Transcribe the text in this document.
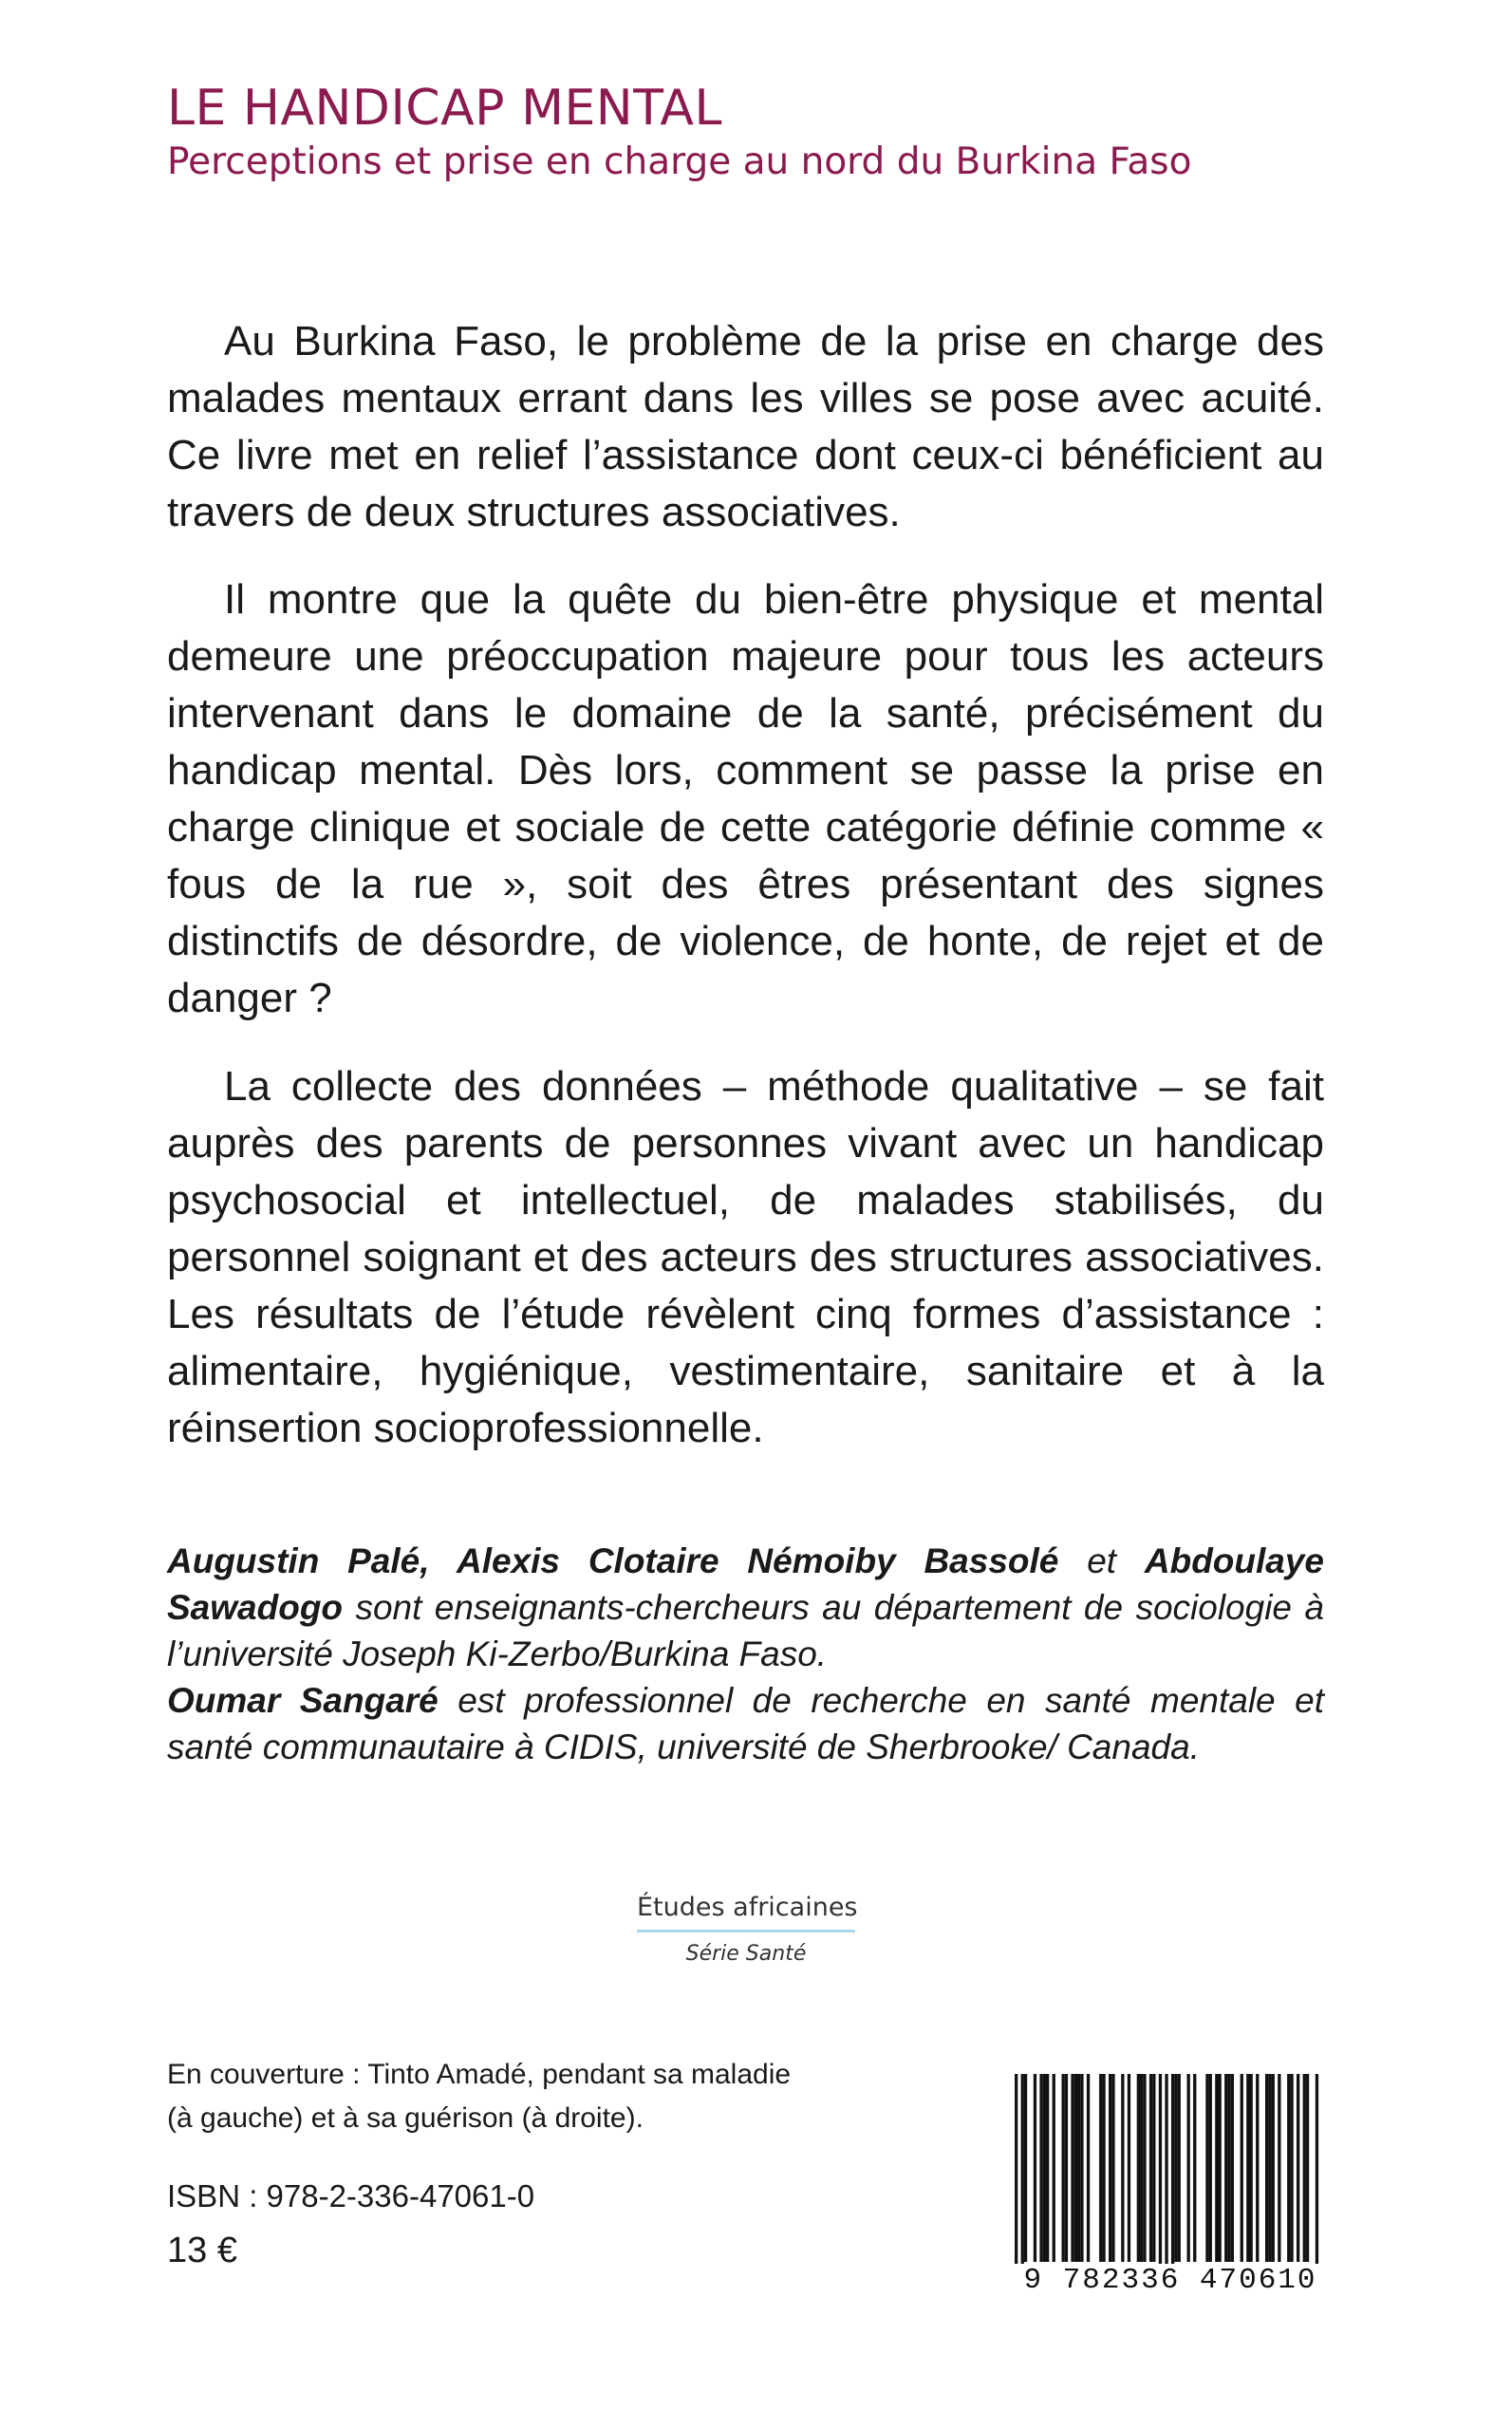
LE HANDICAP MENTAL
Perceptions et prise en charge au nord du Burkina Faso

Au Burkina Faso, le problème de la prise en charge des malades mentaux errant dans les villes se pose avec acuité. Ce livre met en relief l’assistance dont ceux-ci bénéficient au travers de deux structures associatives.

Il montre que la quête du bien-être physique et mental demeure une préoccupation majeure pour tous les acteurs intervenant dans le domaine de la santé, précisément du handicap mental. Dès lors, comment se passe la prise en charge clinique et sociale de cette catégorie définie comme « fous de la rue », soit des êtres présentant des signes distinctifs de désordre, de violence, de honte, de rejet et de danger ?

La collecte des données – méthode qualitative – se fait auprès des parents de personnes vivant avec un handicap psychosocial et intellectuel, de malades stabilisés, du personnel soignant et des acteurs des structures associatives. Les résultats de l’étude révèlent cinq formes d’assistance : alimentaire, hygiénique, vestimentaire, sanitaire et à la réinsertion socioprofessionnelle.

Augustin Palé, Alexis Clotaire Némoiby Bassolé et Abdoulaye Sawadogo sont enseignants-chercheurs au département de sociologie à l’université Joseph Ki-Zerbo/Burkina Faso.

Oumar Sangaré est professionnel de recherche en santé mentale et santé communautaire à CIDIS, université de Sherbrooke/ Canada.

Études africaines
Série Santé

En couverture : Tinto Amadé, pendant sa maladie
(à gauche) et à sa guérison (à droite).

ISBN : 978-2-336-47061-0

13 €

9 782336 470610
